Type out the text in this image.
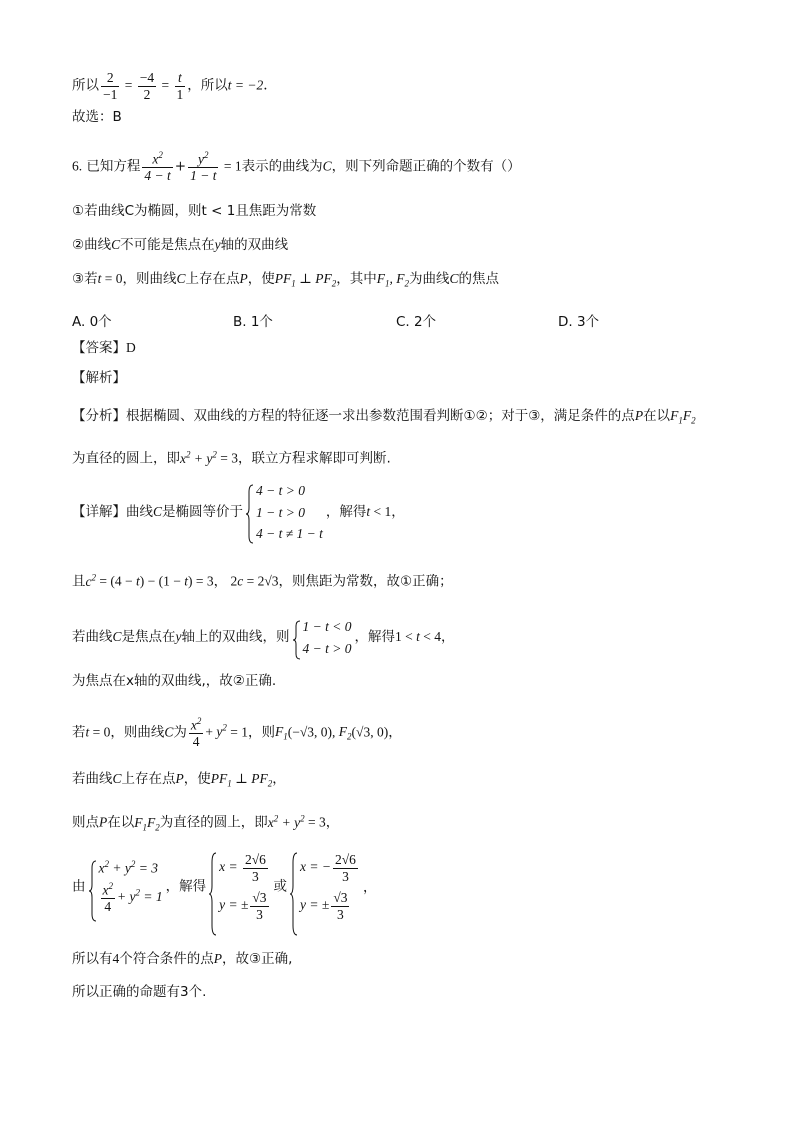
所以 $\frac{2}{-1} = \frac{-4}{2} = \frac{t}{1}$ ，所以t = −2.
故选：B
6. 已知方程 $\frac{x^2}{4 - t} + \frac{y^2}{1 - t} = 1$表示的曲线为C，则下列命题正确的个数有（）
①若曲线C为椭圆，则t < 1且焦距为常数
②曲线C不可能是焦点在y轴的双曲线
③若t = 0，则曲线C上存在点P，使$PF_1$ ⊥ $PF_2$，其中$F_1$, $F_2$为曲线C的焦点
A. 0个	B. 1个	C. 2个	D. 3个
【答案】D
【解析】
【分析】根据椭圆、双曲线的方程的特征逐一求出参数范围看判断①②；对于③，满足条件的点P在以$F_1F_2$
为直径的圆上，即$x^2 + y^2 = 3$，联立方程求解即可判断.
【详解】曲线C是椭圆等价于
4 − t > 0
1 − t > 0
4 − t ≠ 1 − t
，解得t < 1，
且$c^2 = (4 - t) - (1 - t) = 3$， 2c = 2√3，则焦距为常数，故①正确；
若曲线C是焦点在y轴上的双曲线，则
1 − t < 0
4 − t > 0
，解得1 < t < 4，
为焦点在x轴的双曲线,，故②正确.
若t = 0，则曲线C为 $\frac{x^2}{4} + y^2 = 1$，则$F_1(-√3$, 0), $F_2(√3$, 0)，
若曲线C上存在点P，使$PF_1$ ⊥ $PF_2$，
则点P在以$F_1F_2$为直径的圆上，即$x^2 + y^2 = 3$，
由
$x^2 + y^2 = 3$
$\frac{x^2}{4} + y^2 = 1$
，解得
$x = \frac{2√6}{3}$
y = ± $\frac{√3}{3}$
或
x = − $\frac{2√6}{3}$
y = ± $\frac{√3}{3}$
，
所以有4个符合条件的点P，故③正确,
所以正确的命题有3个.
